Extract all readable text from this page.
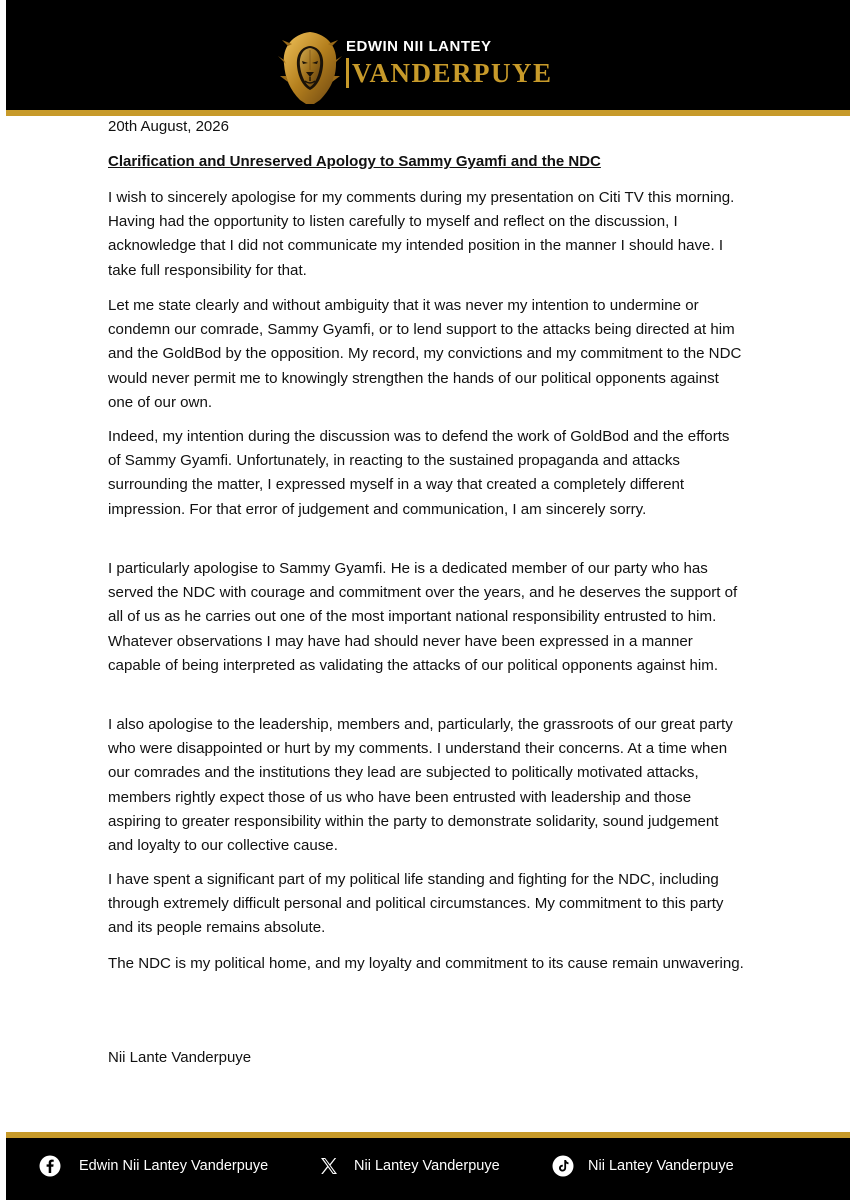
EDWIN NII LANTEY
VANDERPUYE
20th August, 2026
Clarification and Unreserved Apology to Sammy Gyamfi and the NDC

I wish to sincerely apologise for my comments during my presentation on Citi TV this morning. Having had the opportunity to listen carefully to myself and reflect on the discussion, I acknowledge that I did not communicate my intended position in the manner I should have. I take full responsibility for that.

Let me state clearly and without ambiguity that it was never my intention to undermine or condemn our comrade, Sammy Gyamfi, or to lend support to the attacks being directed at him and the GoldBod by the opposition. My record, my convictions and my commitment to the NDC would never permit me to knowingly strengthen the hands of our political opponents against one of our own.

Indeed, my intention during the discussion was to defend the work of GoldBod and the efforts of Sammy Gyamfi. Unfortunately, in reacting to the sustained propaganda and attacks surrounding the matter, I expressed myself in a way that created a completely different impression. For that error of judgement and communication, I am sincerely sorry.

I particularly apologise to Sammy Gyamfi. He is a dedicated member of our party who has served the NDC with courage and commitment over the years, and he deserves the support of all of us as he carries out one of the most important national responsibility entrusted to him. Whatever observations I may have had should never have been expressed in a manner capable of being interpreted as validating the attacks of our political opponents against him.

I also apologise to the leadership, members and, particularly, the grassroots of our great party who were disappointed or hurt by my comments. I understand their concerns. At a time when our comrades and the institutions they lead are subjected to politically motivated attacks, members rightly expect those of us who have been entrusted with leadership and those aspiring to greater responsibility within the party to demonstrate solidarity, sound judgement and loyalty to our collective cause.

I have spent a significant part of my political life standing and fighting for the NDC, including through extremely difficult personal and political circumstances. My commitment to this party and its people remains absolute.

The NDC is my political home, and my loyalty and commitment to its cause remain unwavering.

Nii Lante Vanderpuye
Edwin Nii Lantey Vanderpuye	Nii Lantey Vanderpuye	Nii Lantey Vanderpuye
